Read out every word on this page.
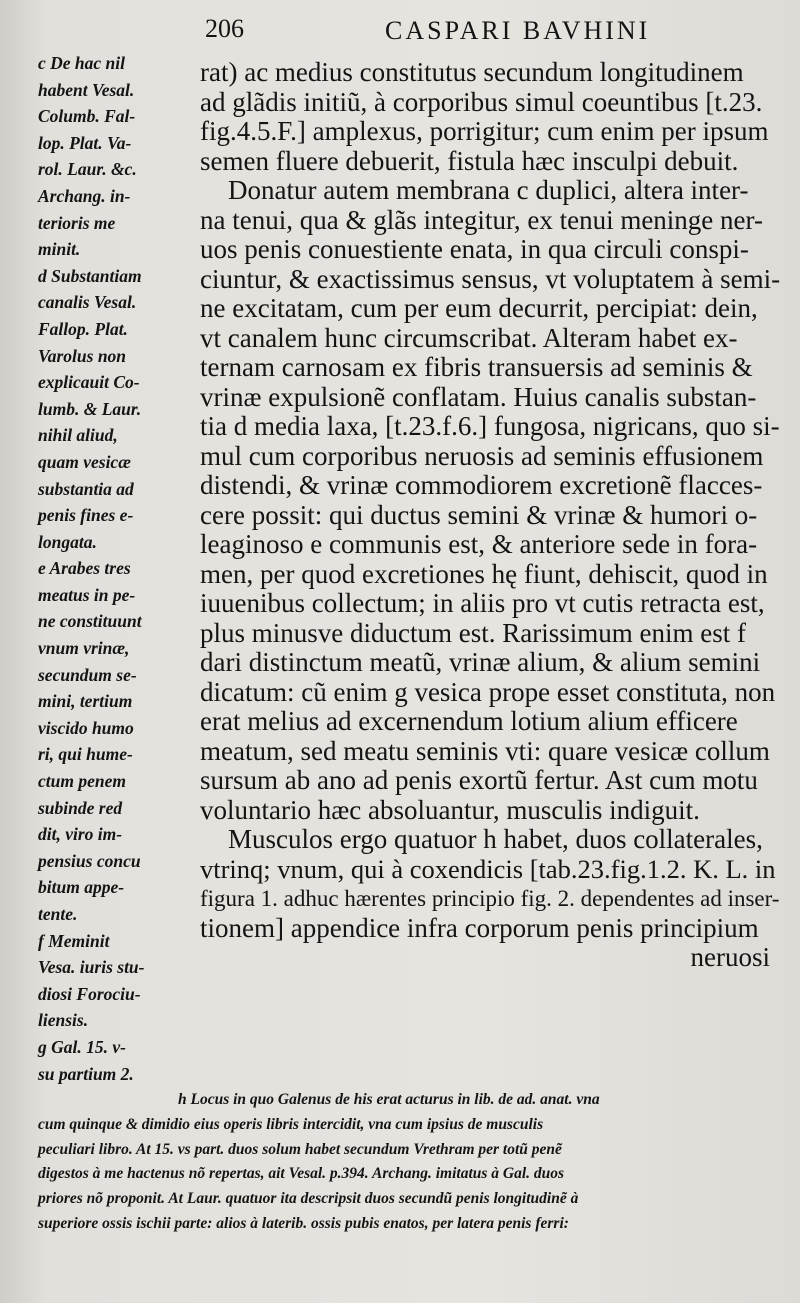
206	CASPARI BAVHINI
c De hac nil
habent Vesal.
Columb. Fal-
lop. Plat. Va-
rol. Laur. &c.
Archang. in-
terioris me
minit.
d Substantiam
canalis Vesal.
Fallop. Plat.
Varolus non
explicauit Co-
lumb. & Laur.
nihil aliud,
quam vesicæ
substantia ad
penis fines e-
longata.
e Arabes tres
meatus in pe-
ne constituunt
vnum vrinæ,
secundum se-
mini, tertium
viscido humo
ri, qui hume-
ctum penem
subinde red
dit, viro im-
pensius concu
bitum appe-
tente.
f Meminit
Vesa. iuris stu-
diosi Forociu-
liensis.
g Gal. 15. v-
su partium 2.
rat) ac medius constitutus secundum longitudinem
ad glãdis initiũ, à corporibus simul coeuntibus [t.23.
fig.4.5.F.] amplexus, porrigitur; cum enim per ipsum
semen fluere debuerit, fistula hæc insculpi debuit.
Donatur autem membrana c duplici, altera inter-
na tenui, qua & glãs integitur, ex tenui meninge ner-
uos penis conuestiente enata, in qua circuli conspi-
ciuntur, & exactissimus sensus, vt voluptatem à semi-
ne excitatam, cum per eum decurrit, percipiat: dein,
vt canalem hunc circumscribat. Alteram habet ex-
ternam carnosam ex fibris transuersis ad seminis &
vrinæ expulsionẽ conflatam. Huius canalis substan-
tia d media laxa, [t.23.f.6.] fungosa, nigricans, quo si-
mul cum corporibus neruosis ad seminis effusionem
distendi, & vrinæ commodiorem excretionẽ flacces-
cere possit: qui ductus semini & vrinæ & humori o-
leaginoso e communis est, & anteriore sede in fora-
men, per quod excretiones hę fiunt, dehiscit, quod in
iuuenibus collectum; in aliis pro vt cutis retracta est,
plus minusve diductum est. Rarissimum enim est f
dari distinctum meatũ, vrinæ alium, & alium semini
dicatum: cũ enim g vesica prope esset constituta, non
erat melius ad excernendum lotium alium efficere
meatum, sed meatu seminis vti: quare vesicæ collum
sursum ab ano ad penis exortũ fertur. Ast cum motu
voluntario hæc absoluantur, musculis indiguit.
Musculos ergo quatuor h habet, duos collaterales,
vtrinq; vnum, qui à coxendicis [tab.23.fig.1.2. K. L. in
figura 1. adhuc hærentes principio fig. 2. dependentes ad inser-
tionem] appendice infra corporum penis principium
neruosi
h Locus in quo Galenus de his erat acturus in lib. de ad. anat. vna
cum quinque & dimidio eius operis libris intercidit, vna cum ipsius de musculis
peculiari libro. At 15. vs part. duos solum habet secundum Vrethram per totũ penẽ
digestos à me hactenus nõ repertas, ait Vesal. p.394. Archang. imitatus à Gal. duos
priores nõ proponit. At Laur. quatuor ita descripsit duos secundũ penis longitudinẽ à
superiore ossis ischii parte: alios à laterib. ossis pubis enatos, per latera penis ferri:
